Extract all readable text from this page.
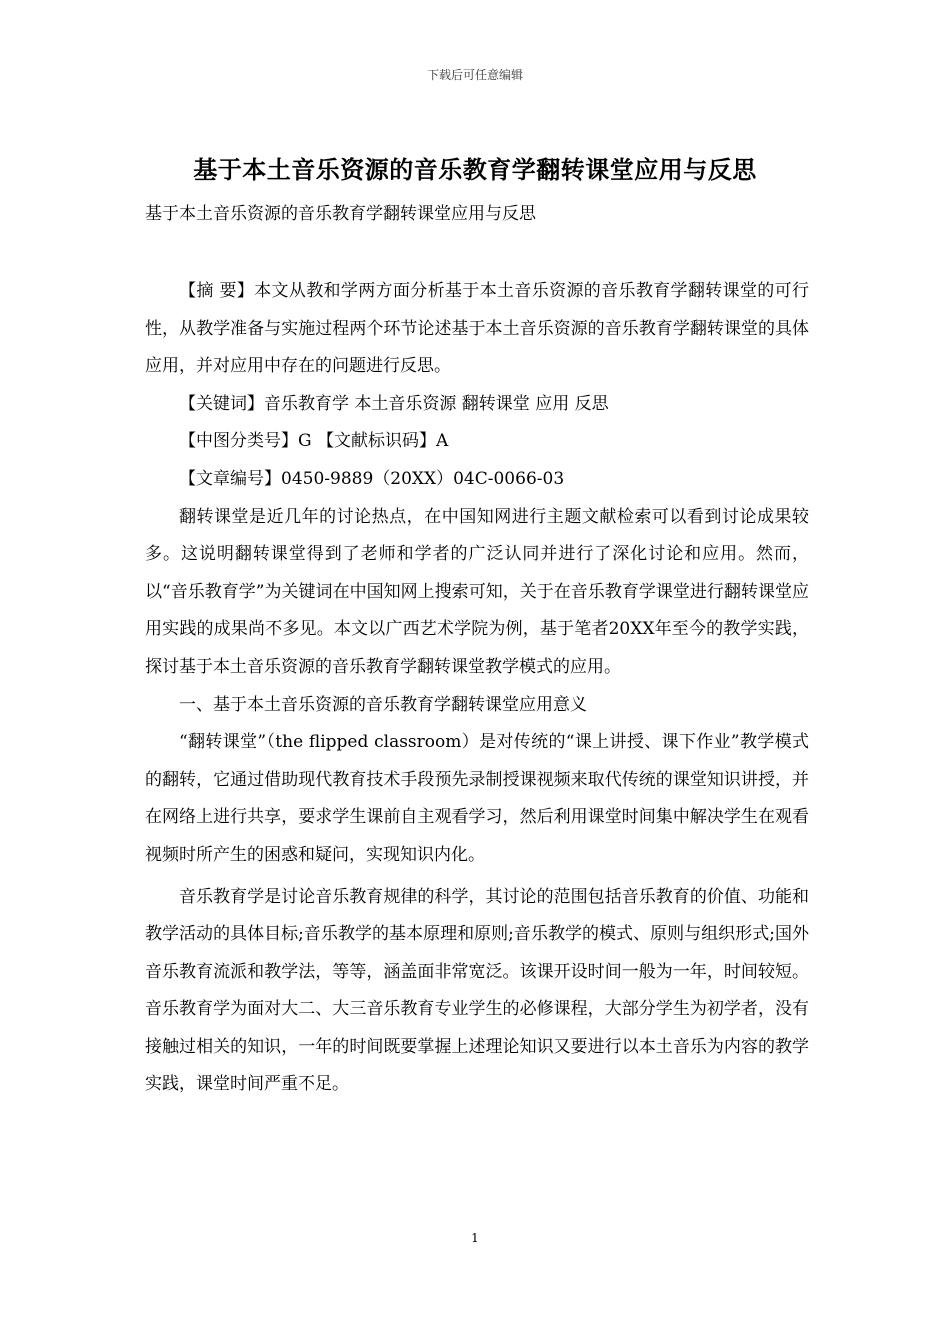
下载后可任意编辑
基于本土音乐资源的音乐教育学翻转课堂应用与反思
基于本土音乐资源的音乐教育学翻转课堂应用与反思

【摘 要】本文从教和学两方面分析基于本土音乐资源的音乐教育学翻转课堂的可行性，从教学准备与实施过程两个环节论述基于本土音乐资源的音乐教育学翻转课堂的具体应用，并对应用中存在的问题进行反思。

【关键词】音乐教育学 本土音乐资源 翻转课堂 应用 反思

【中图分类号】G 【文献标识码】A

【文章编号】0450-9889（20XX）04C-0066-03

翻转课堂是近几年的讨论热点，在中国知网进行主题文献检索可以看到讨论成果较多。这说明翻转课堂得到了老师和学者的广泛认同并进行了深化讨论和应用。然而，以“音乐教育学”为关键词在中国知网上搜索可知，关于在音乐教育学课堂进行翻转课堂应用实践的成果尚不多见。本文以广西艺术学院为例，基于笔者20XX年至今的教学实践，探讨基于本土音乐资源的音乐教育学翻转课堂教学模式的应用。

一、基于本土音乐资源的音乐教育学翻转课堂应用意义

“翻转课堂”（the flipped classroom）是对传统的“课上讲授、课下作业”教学模式的翻转，它通过借助现代教育技术手段预先录制授课视频来取代传统的课堂知识讲授，并在网络上进行共享，要求学生课前自主观看学习，然后利用课堂时间集中解决学生在观看视频时所产生的困惑和疑问，实现知识内化。

音乐教育学是讨论音乐教育规律的科学，其讨论的范围包括音乐教育的价值、功能和教学活动的具体目标;音乐教学的基本原理和原则;音乐教学的模式、原则与组织形式;国外音乐教育流派和教学法，等等，涵盖面非常宽泛。该课开设时间一般为一年，时间较短。音乐教育学为面对大二、大三音乐教育专业学生的必修课程，大部分学生为初学者，没有接触过相关的知识，一年的时间既要掌握上述理论知识又要进行以本土音乐为内容的教学实践，课堂时间严重不足。

1
